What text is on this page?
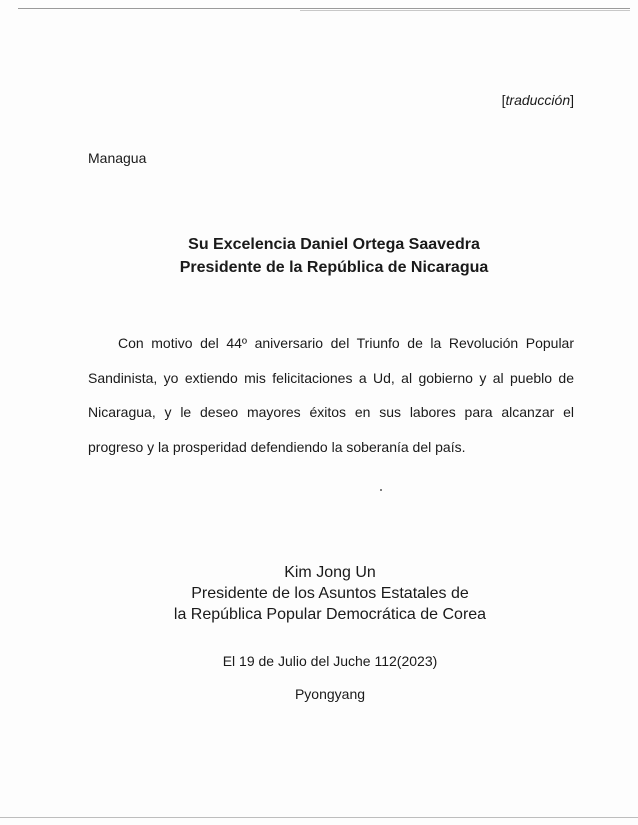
[traducción]
Managua
Su Excelencia Daniel Ortega Saavedra
Presidente de la República de Nicaragua
Con motivo del 44º aniversario del Triunfo de la Revolución Popular Sandinista, yo extiendo mis felicitaciones a Ud, al gobierno y al pueblo de Nicaragua, y le deseo mayores éxitos en sus labores para alcanzar el progreso y la prosperidad defendiendo la soberanía del país.
Kim Jong Un
Presidente de los Asuntos Estatales de
la República Popular Democrática de Corea
El 19 de Julio del Juche 112(2023)
Pyongyang
